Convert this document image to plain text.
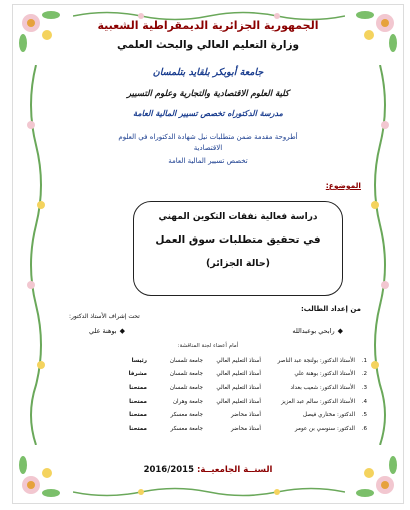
الجمهورية الجزائرية الديمقراطية الشعبية
وزارة التعليم العالي والبحث العلمي
جامعة أبوبكر بلقايد بتلمسان
كلية العلوم الاقتصادية والتجارية وعلوم التسيير
مدرسة الدكتوراه تخصص تسيير المالية العامة
أطروحة مقدمة ضمن متطلبات نيل شهادة الدكتوراه في العلوم
الاقتصادية
تخصص تسيير المالية العامة
الموضوع:
دراسة فعالية نفقات التكوين المهني
في تحقيق متطلبات سوق العمل
(حالة الجزائر)
من إعداد الطالب:
تحت إشراف الأستاذ الدكتور:
◆رابحي بوعبدالله
◆بوهنة علي
أمام أعضاء لجنة المناقشة:
1.
الأستاذ الدكتور: بولنجة عبد الناصر
أستاذ التعليم العالي
جامعة تلمسان
رئيسا
2.
الأستاذ الدكتور: بوهنة علي
أستاذ التعليم العالي
جامعة تلمسان
مشرفا
3.
الأستاذ الدكتور: شعيب بغداد
أستاذ التعليم العالي
جامعة تلمسان
ممتحنا
4.
الأستاذ الدكتور: سالم عبد العزيز
أستاذ التعليم العالي
جامعة وهران
ممتحنا
5.
الدكتور: مختاري فيصل
أستاذ محاضر
جامعة معسكر
ممتحنا
6.
الدكتور: سنوسي بن عومر
أستاذ محاضر
جامعة معسكر
ممتحنا
السنــة الجامعيــة: 2016/2015
